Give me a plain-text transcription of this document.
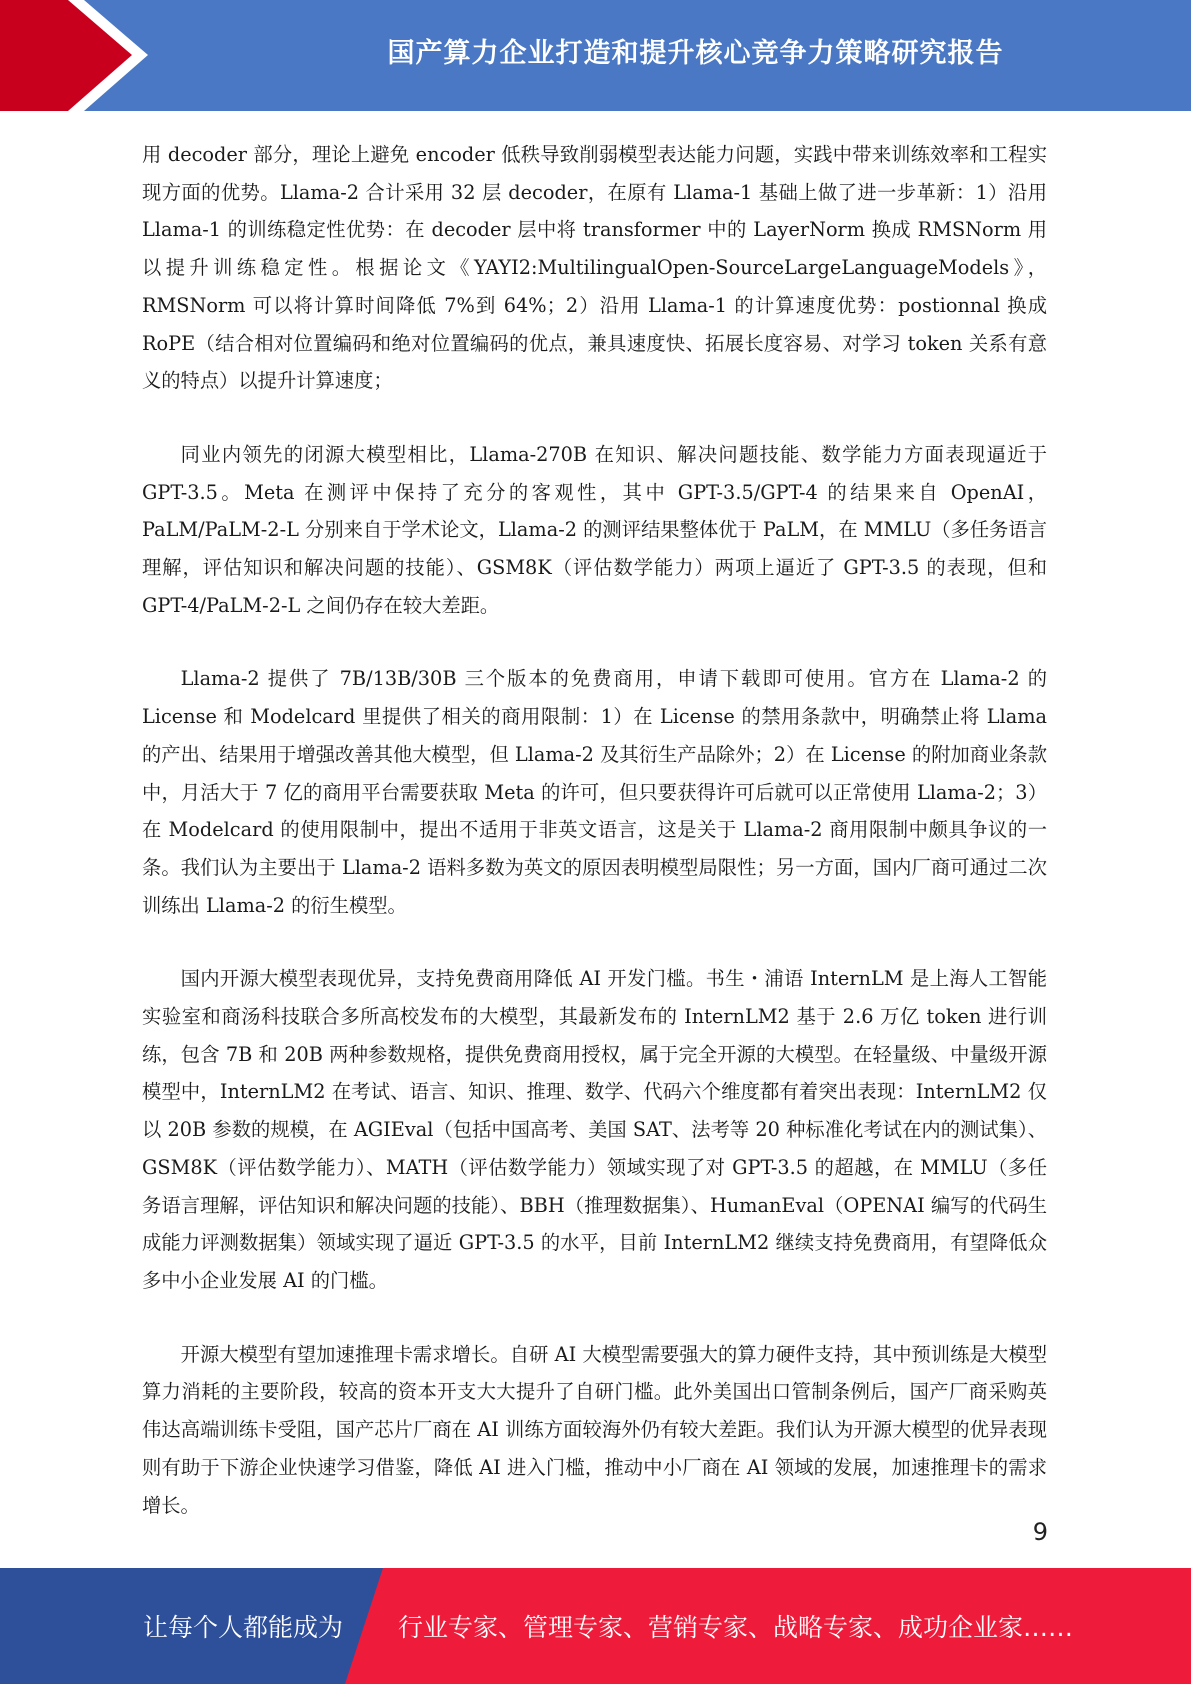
国产算力企业打造和提升核心竞争力策略研究报告

用 decoder 部分，理论上避免 encoder 低秩导致削弱模型表达能力问题，实践中带来训练效率和工程实现方面的优势。Llama-2 合计采用 32 层 decoder，在原有 Llama-1 基础上做了进一步革新：1）沿用 Llama-1 的训练稳定性优势：在 decoder 层中将 transformer 中的 LayerNorm 换成 RMSNorm 用以提升训练稳定性。根据论文《YAYI2:MultilingualOpen-SourceLargeLanguageModels》，RMSNorm 可以将计算时间降低 7%到 64%；2）沿用 Llama-1 的计算速度优势：postionnal 换成 RoPE（结合相对位置编码和绝对位置编码的优点，兼具速度快、拓展长度容易、对学习 token 关系有意义的特点）以提升计算速度；

同业内领先的闭源大模型相比，Llama-270B 在知识、解决问题技能、数学能力方面表现逼近于 GPT-3.5。Meta 在测评中保持了充分的客观性，其中 GPT-3.5/GPT-4 的结果来自 OpenAI，PaLM/PaLM-2-L 分别来自于学术论文，Llama-2 的测评结果整体优于 PaLM，在 MMLU（多任务语言理解，评估知识和解决问题的技能）、GSM8K（评估数学能力）两项上逼近了 GPT-3.5 的表现，但和 GPT-4/PaLM-2-L 之间仍存在较大差距。

Llama-2 提供了 7B/13B/30B 三个版本的免费商用，申请下载即可使用。官方在 Llama-2 的 License 和 Modelcard 里提供了相关的商用限制：1）在 License 的禁用条款中，明确禁止将 Llama 的产出、结果用于增强改善其他大模型，但 Llama-2 及其衍生产品除外；2）在 License 的附加商业条款中，月活大于 7 亿的商用平台需要获取 Meta 的许可，但只要获得许可后就可以正常使用 Llama-2；3）在 Modelcard 的使用限制中，提出不适用于非英文语言，这是关于 Llama-2 商用限制中颇具争议的一条。我们认为主要出于 Llama-2 语料多数为英文的原因表明模型局限性；另一方面，国内厂商可通过二次训练出 Llama-2 的衍生模型。

国内开源大模型表现优异，支持免费商用降低 AI 开发门槛。书生・浦语 InternLM 是上海人工智能实验室和商汤科技联合多所高校发布的大模型，其最新发布的 InternLM2 基于 2.6 万亿 token 进行训练，包含 7B 和 20B 两种参数规格，提供免费商用授权，属于完全开源的大模型。在轻量级、中量级开源模型中，InternLM2 在考试、语言、知识、推理、数学、代码六个维度都有着突出表现：InternLM2 仅以 20B 参数的规模，在 AGIEval（包括中国高考、美国 SAT、法考等 20 种标准化考试在内的测试集）、GSM8K（评估数学能力）、MATH（评估数学能力）领域实现了对 GPT-3.5 的超越，在 MMLU（多任务语言理解，评估知识和解决问题的技能）、BBH（推理数据集）、HumanEval（OPENAI 编写的代码生成能力评测数据集）领域实现了逼近 GPT-3.5 的水平，目前 InternLM2 继续支持免费商用，有望降低众多中小企业发展 AI 的门槛。

开源大模型有望加速推理卡需求增长。自研 AI 大模型需要强大的算力硬件支持，其中预训练是大模型算力消耗的主要阶段，较高的资本开支大大提升了自研门槛。此外美国出口管制条例后，国产厂商采购英伟达高端训练卡受阻，国产芯片厂商在 AI 训练方面较海外仍有较大差距。我们认为开源大模型的优异表现则有助于下游企业快速学习借鉴，降低 AI 进入门槛，推动中小厂商在 AI 领域的发展，加速推理卡的需求增长。

9
让每个人都能成为 行业专家、管理专家、营销专家、战略专家、成功企业家……
